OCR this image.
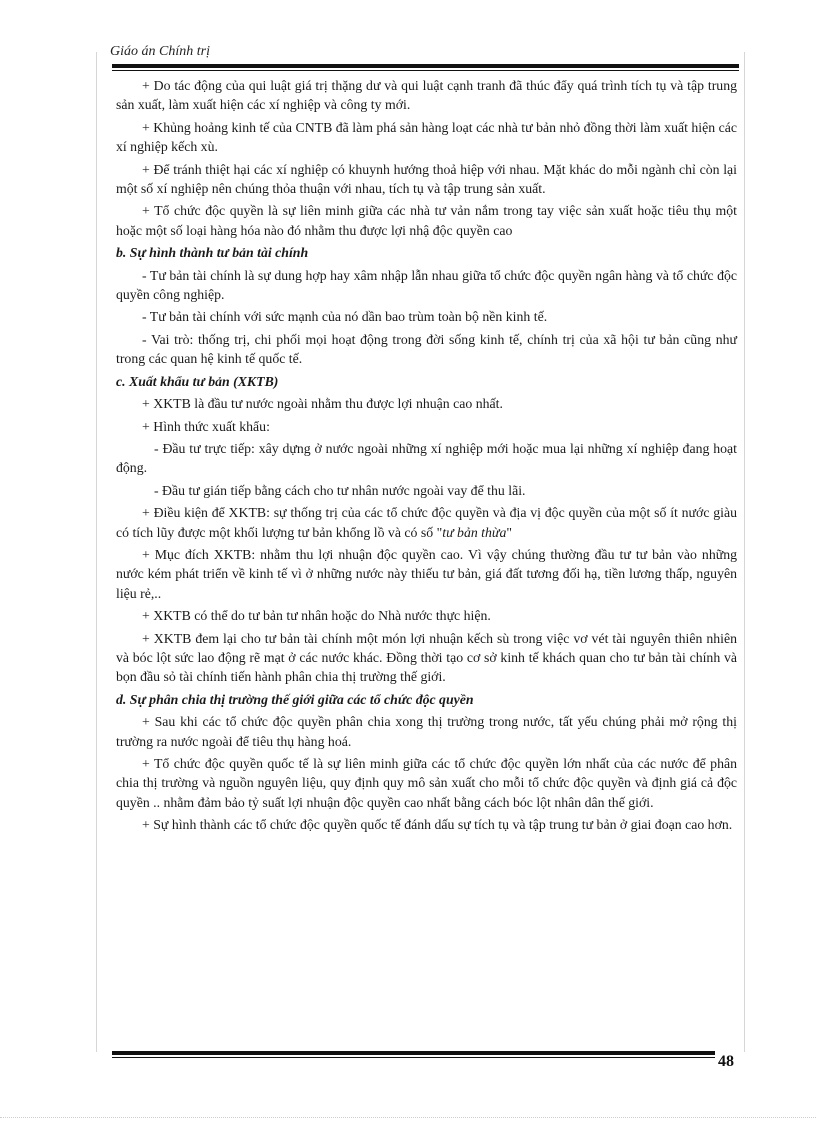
Giáo án Chính trị

+ Do tác động của qui luật giá trị thặng dư và qui luật cạnh tranh đã thúc đẩy quá trình tích tụ và tập trung sản xuất, làm xuất hiện các xí nghiệp và công ty mới.

+ Khủng hoảng kinh tế của CNTB đã làm phá sản hàng loạt các nhà tư bản nhỏ đồng thời làm xuất hiện các xí nghiệp kếch xù.

+ Để tránh thiệt hại các xí nghiệp có khuynh hướng thoả hiệp với nhau. Mặt khác do mỗi ngành chỉ còn lại một số xí nghiệp nên chúng thỏa thuận với nhau, tích tụ và tập trung sản xuất.

+ Tổ chức độc quyền là sự liên minh giữa các nhà tư vản nắm trong tay việc sản xuất hoặc tiêu thụ một hoặc một số loại hàng hóa nào đó nhằm thu được lợi nhậ độc quyền cao

b. Sự hình thành tư bản tài chính

- Tư bản tài chính là sự dung hợp hay xâm nhập lẫn nhau giữa tổ chức độc quyền ngân hàng và tổ chức độc quyền công nghiệp.

- Tư bản tài chính với sức mạnh của nó dần bao trùm toàn bộ nền kinh tế.

- Vai trò: thống trị, chi phối mọi hoạt động trong đời sống kinh tế, chính trị của xã hội tư bản cũng như trong các quan hệ kinh tế quốc tế.

c. Xuất khẩu tư bản (XKTB)

+ XKTB là đầu tư nước ngoài nhằm thu được lợi nhuận cao nhất.

+ Hình thức xuất khẩu:

- Đầu tư trực tiếp: xây dựng ở nước ngoài những xí nghiệp mới hoặc mua lại những xí nghiệp đang hoạt động.

- Đầu tư gián tiếp bằng cách cho tư nhân nước ngoài vay để thu lãi.

+ Điều kiện để XKTB: sự thống trị của các tổ chức độc quyền và địa vị độc quyền của một số ít nước giàu có tích lũy được một khối lượng tư bản khổng lồ và có số "tư bản thừa"

+ Mục đích XKTB: nhằm thu lợi nhuận độc quyền cao. Vì vậy chúng thường đầu tư tư bản vào những nước kém phát triển về kinh tế vì ở những nước này thiếu tư bản, giá đất tương đối hạ, tiền lương thấp, nguyên liệu rẻ,..

+ XKTB có thể do tư bản tư nhân hoặc do Nhà nước thực hiện.

+ XKTB đem lại cho tư bản tài chính một món lợi nhuận kếch sù trong việc vơ vét tài nguyên thiên nhiên và bóc lột sức lao động rẽ mạt ở các nước khác. Đồng thời tạo cơ sở kinh tế khách quan cho tư bản tài chính và bọn đầu sỏ tài chính tiến hành phân chia thị trường thế giới.

d. Sự phân chia thị trường thế giới giữa các tổ chức độc quyền

+ Sau khi các tổ chức độc quyền phân chia xong thị trường trong nước, tất yếu chúng phải mở rộng thị trường ra nước ngoài để tiêu thụ hàng hoá.

+ Tổ chức độc quyền quốc tế là sự liên minh giữa các tổ chức độc quyền lớn nhất của các nước để phân chia thị trường và nguồn nguyên liệu, quy định quy mô sản xuất cho mỗi tổ chức độc quyền và định giá cả độc quyền .. nhằm đảm bảo tỷ suất lợi nhuận độc quyền cao nhất bằng cách bóc lột nhân dân thế giới.

+ Sự hình thành các tổ chức độc quyền quốc tế đánh dấu sự tích tụ và tập trung tư bản ở giai đoạn cao hơn.

48
